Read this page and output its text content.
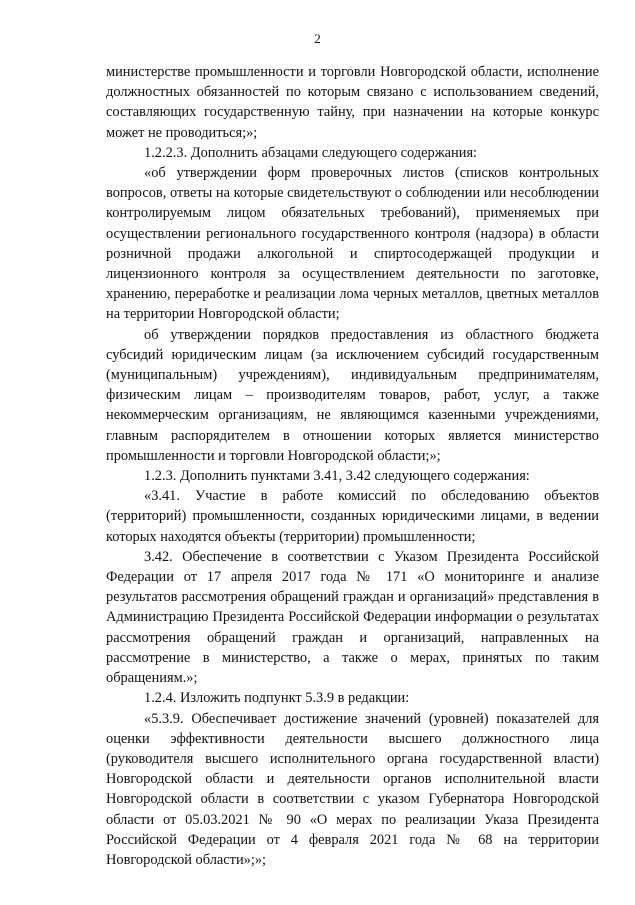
2

министерстве промышленности и торговли Новгородской области, исполнение должностных обязанностей по которым связано с использованием сведений, составляющих государственную тайну, при назначении на которые конкурс может не проводиться;»;

1.2.2.3. Дополнить абзацами следующего содержания:

«об утверждении форм проверочных листов (списков контрольных вопросов, ответы на которые свидетельствуют о соблюдении или несоблюдении контролируемым лицом обязательных требований), применяемых при осуществлении регионального государственного контроля (надзора) в области розничной продажи алкогольной и спиртосодержащей продукции и лицензионного контроля за осуществлением деятельности по заготовке, хранению, переработке и реализации лома черных металлов, цветных металлов на территории Новгородской области;

об утверждении порядков предоставления из областного бюджета субсидий юридическим лицам (за исключением субсидий государственным (муниципальным) учреждениям), индивидуальным предпринимателям, физическим лицам – производителям товаров, работ, услуг, а также некоммерческим организациям, не являющимся казенными учреждениями, главным распорядителем в отношении которых является министерство промышленности и торговли Новгородской области;»;

1.2.3. Дополнить пунктами 3.41, 3.42 следующего содержания:

«3.41. Участие в работе комиссий по обследованию объектов (территорий) промышленности, созданных юридическими лицами, в ведении которых находятся объекты (территории) промышленности;

3.42. Обеспечение в соответствии с Указом Президента Российской Федерации от 17 апреля 2017 года № 171 «О мониторинге и анализе результатов рассмотрения обращений граждан и организаций» представления в Администрацию Президента Российской Федерации информации о результатах рассмотрения обращений граждан и организаций, направленных на рассмотрение в министерство, а также о мерах, принятых по таким обращениям.»;

1.2.4. Изложить подпункт 5.3.9 в редакции:

«5.3.9. Обеспечивает достижение значений (уровней) показателей для оценки эффективности деятельности высшего должностного лица (руководителя высшего исполнительного органа государственной власти) Новгородской области и деятельности органов исполнительной власти Новгородской области в соответствии с указом Губернатора Новгородской области от 05.03.2021 № 90 «О мерах по реализации Указа Президента Российской Федерации от 4 февраля 2021 года № 68 на территории Новгородской области»;»;
